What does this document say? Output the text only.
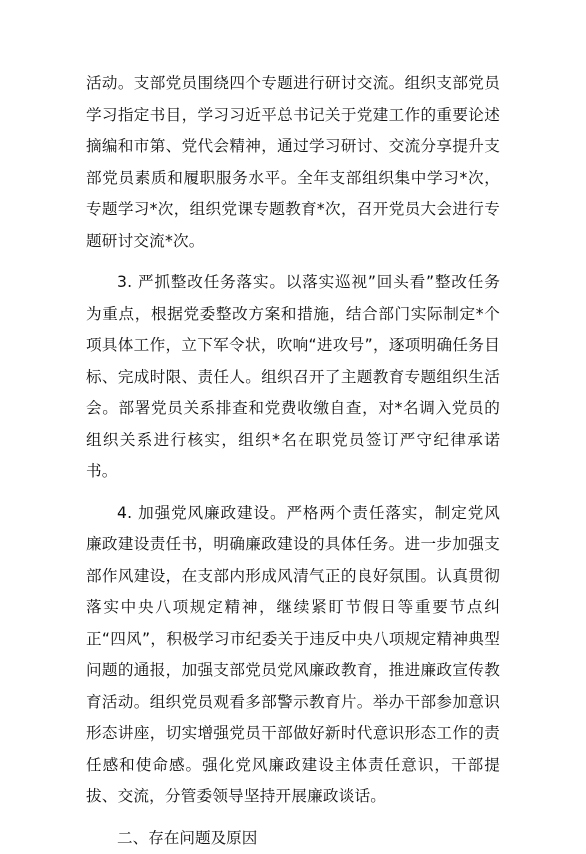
活动。支部党员围绕四个专题进行研讨交流。组织支部党员学习指定书目，学习习近平总书记关于党建工作的重要论述摘编和市第、党代会精神，通过学习研讨、交流分享提升支部党员素质和履职服务水平。全年支部组织集中学习*次，专题学习*次，组织党课专题教育*次，召开党员大会进行专题研讨交流*次。

3. 严抓整改任务落实。以落实巡视”回头看”整改任务为重点，根据党委整改方案和措施，结合部门实际制定*个项具体工作，立下军令状，吹响“进攻号”，逐项明确任务目标、完成时限、责任人。组织召开了主题教育专题组织生活会。部署党员关系排查和党费收缴自查，对*名调入党员的组织关系进行核实，组织*名在职党员签订严守纪律承诺书。

4. 加强党风廉政建设。严格两个责任落实，制定党风廉政建设责任书，明确廉政建设的具体任务。进一步加强支部作风建设，在支部内形成风清气正的良好氛围。认真贯彻落实中央八项规定精神，继续紧盯节假日等重要节点纠正“四风”，积极学习市纪委关于违反中央八项规定精神典型问题的通报，加强支部党员党风廉政教育，推进廉政宣传教育活动。组织党员观看多部警示教育片。举办干部参加意识形态讲座，切实增强党员干部做好新时代意识形态工作的责任感和使命感。强化党风廉政建设主体责任意识，干部提拔、交流，分管委领导坚持开展廉政谈话。

二、存在问题及原因
